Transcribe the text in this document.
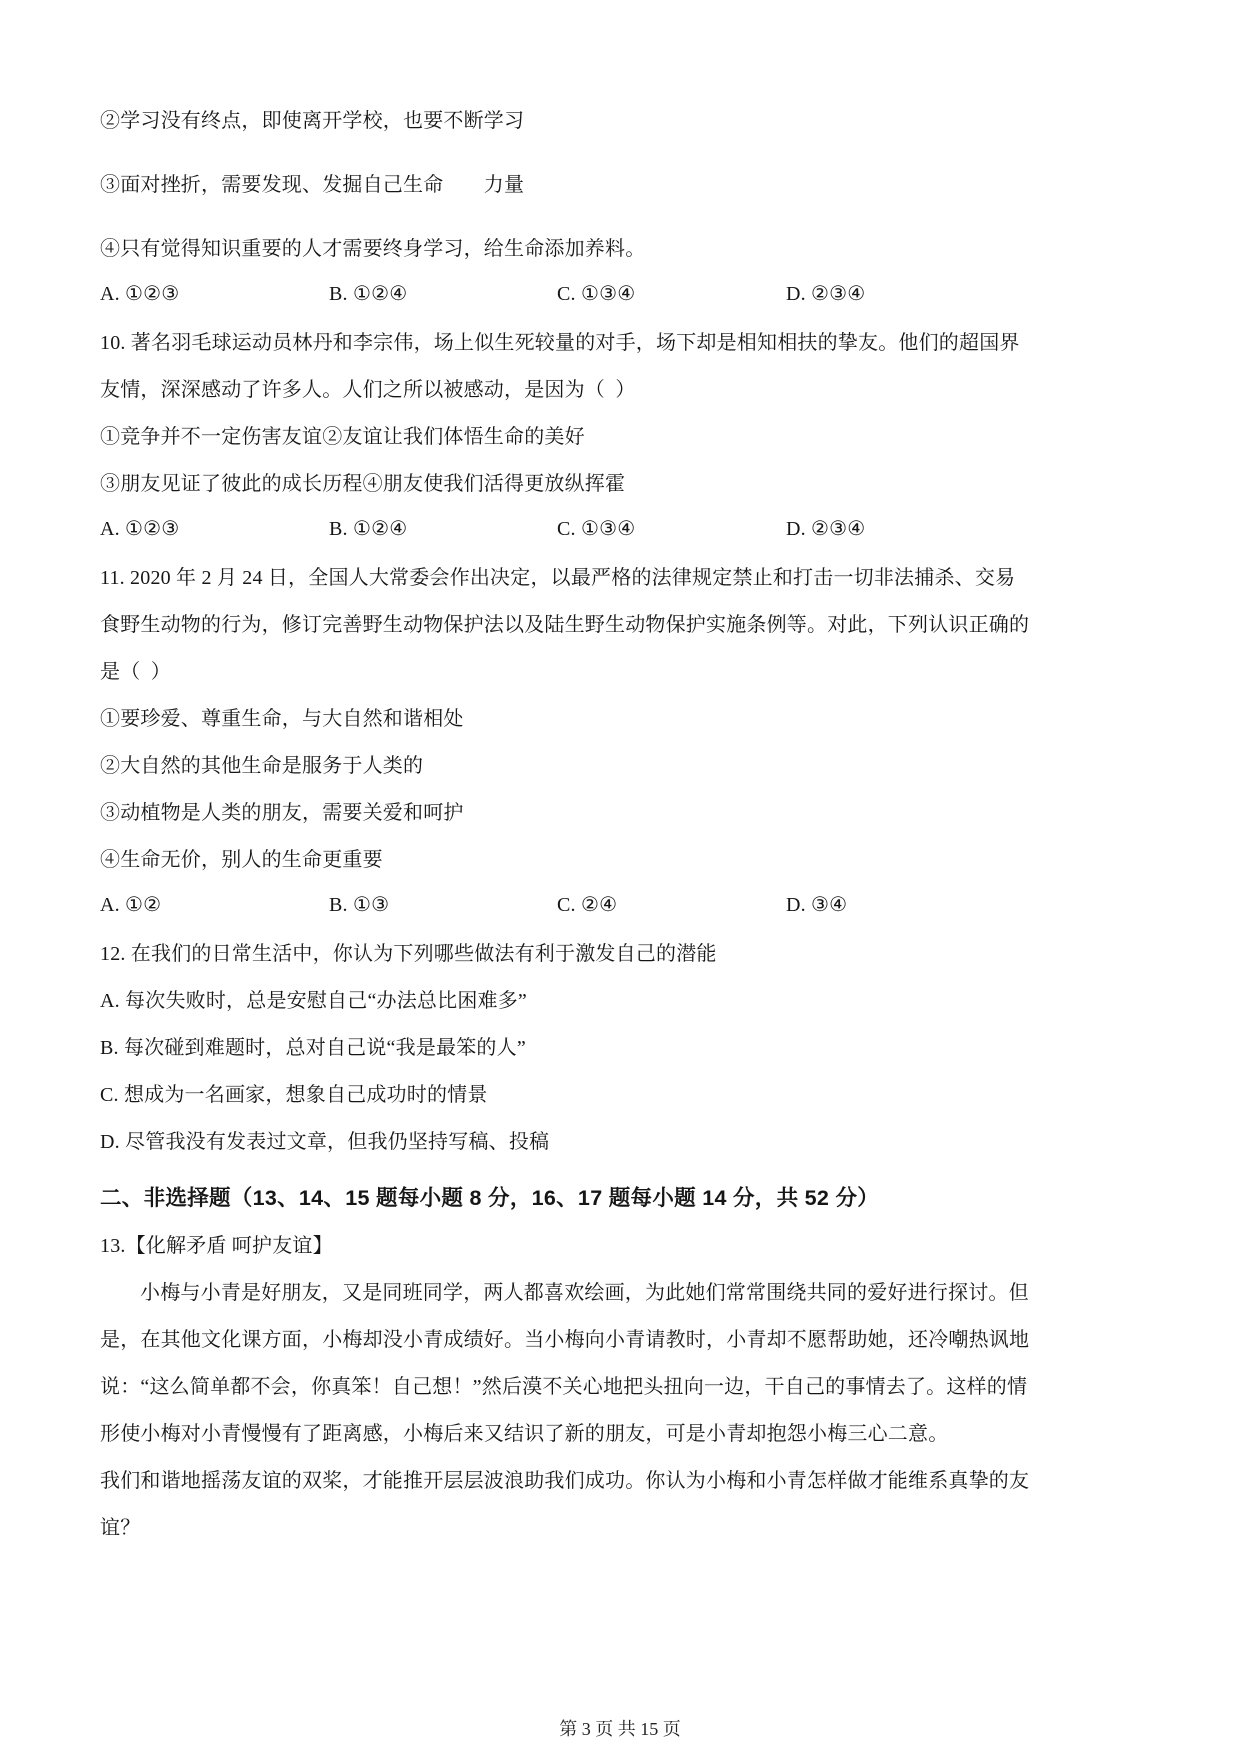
②学习没有终点，即使离开学校，也要不断学习
③面对挫折，需要发现、发掘自己生命　　力量
④只有觉得知识重要的人才需要终身学习，给生命添加养料。
A. ①②③	B. ①②④	C. ①③④	D. ②③④
10. 著名羽毛球运动员林丹和李宗伟，场上似生死较量的对手，场下却是相知相扶的挚友。他们的超国界
友情，深深感动了许多人。人们之所以被感动，是因为（  ）
①竞争并不一定伤害友谊②友谊让我们体悟生命的美好
③朋友见证了彼此的成长历程④朋友使我们活得更放纵挥霍
A. ①②③	B. ①②④	C. ①③④	D. ②③④
11. 2020 年 2 月 24 日，全国人大常委会作出决定，以最严格的法律规定禁止和打击一切非法捕杀、交易
食野生动物的行为，修订完善野生动物保护法以及陆生野生动物保护实施条例等。对此，下列认识正确的
是（  ）
①要珍爱、尊重生命，与大自然和谐相处
②大自然的其他生命是服务于人类的
③动植物是人类的朋友，需要关爱和呵护
④生命无价，别人的生命更重要
A. ①②	B. ①③	C. ②④	D. ③④
12. 在我们的日常生活中，你认为下列哪些做法有利于激发自己的潜能
A. 每次失败时，总是安慰自己“办法总比困难多”
B. 每次碰到难题时，总对自己说“我是最笨的人”
C. 想成为一名画家，想象自己成功时的情景
D. 尽管我没有发表过文章，但我仍坚持写稿、投稿
二、非选择题（13、14、15 题每小题 8 分，16、17 题每小题 14 分，共 52 分）
13.【化解矛盾 呵护友谊】
小梅与小青是好朋友，又是同班同学，两人都喜欢绘画，为此她们常常围绕共同的爱好进行探讨。但
是，在其他文化课方面，小梅却没小青成绩好。当小梅向小青请教时，小青却不愿帮助她，还冷嘲热讽地
说：“这么简单都不会，你真笨！自己想！”然后漠不关心地把头扭向一边，干自己的事情去了。这样的情
形使小梅对小青慢慢有了距离感，小梅后来又结识了新的朋友，可是小青却抱怨小梅三心二意。
我们和谐地摇荡友谊的双桨，才能推开层层波浪助我们成功。你认为小梅和小青怎样做才能维系真挚的友
谊？
第 3 页 共 15 页
